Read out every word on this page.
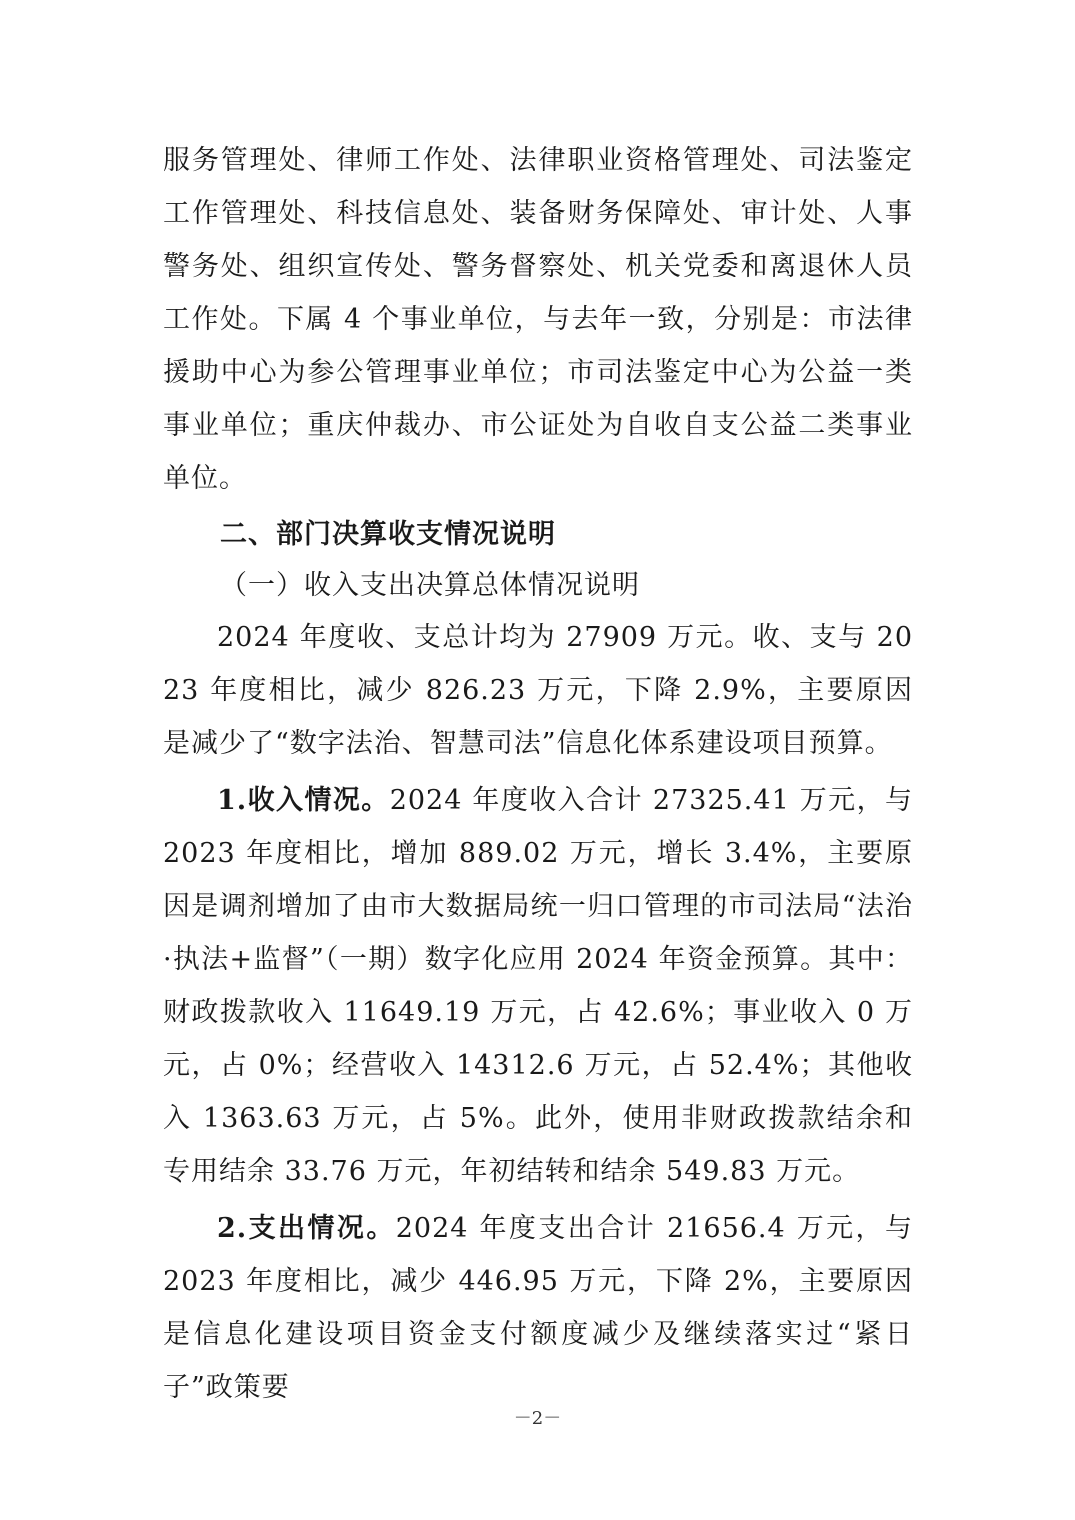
服务管理处、律师工作处、法律职业资格管理处、司法鉴定工作管理处、科技信息处、装备财务保障处、审计处、人事警务处、组织宣传处、警务督察处、机关党委和离退休人员工作处。下属 4 个事业单位，与去年一致，分别是：市法律援助中心为参公管理事业单位；市司法鉴定中心为公益一类事业单位；重庆仲裁办、市公证处为自收自支公益二类事业单位。
二、部门决算收支情况说明
（一）收入支出决算总体情况说明
2024 年度收、支总计均为 27909 万元。收、支与 2023 年度相比，减少 826.23 万元，下降 2.9%，主要原因是减少了“数字法治、智慧司法”信息化体系建设项目预算。
1.收入情况。2024 年度收入合计 27325.41 万元，与 2023 年度相比，增加 889.02 万元，增长 3.4%，主要原因是调剂增加了由市大数据局统一归口管理的市司法局“法治·执法+监督”（一期）数字化应用 2024 年资金预算。其中：财政拨款收入 11649.19 万元，占 42.6%；事业收入 0 万元，占 0%；经营收入 14312.6 万元，占 52.4%；其他收入 1363.63 万元，占 5%。此外，使用非财政拨款结余和专用结余 33.76 万元，年初结转和结余 549.83 万元。
2.支出情况。2024 年度支出合计 21656.4 万元，与 2023 年度相比，减少 446.95 万元，下降 2%，主要原因是信息化建设项目资金支付额度减少及继续落实过“紧日子”政策要
－2－
